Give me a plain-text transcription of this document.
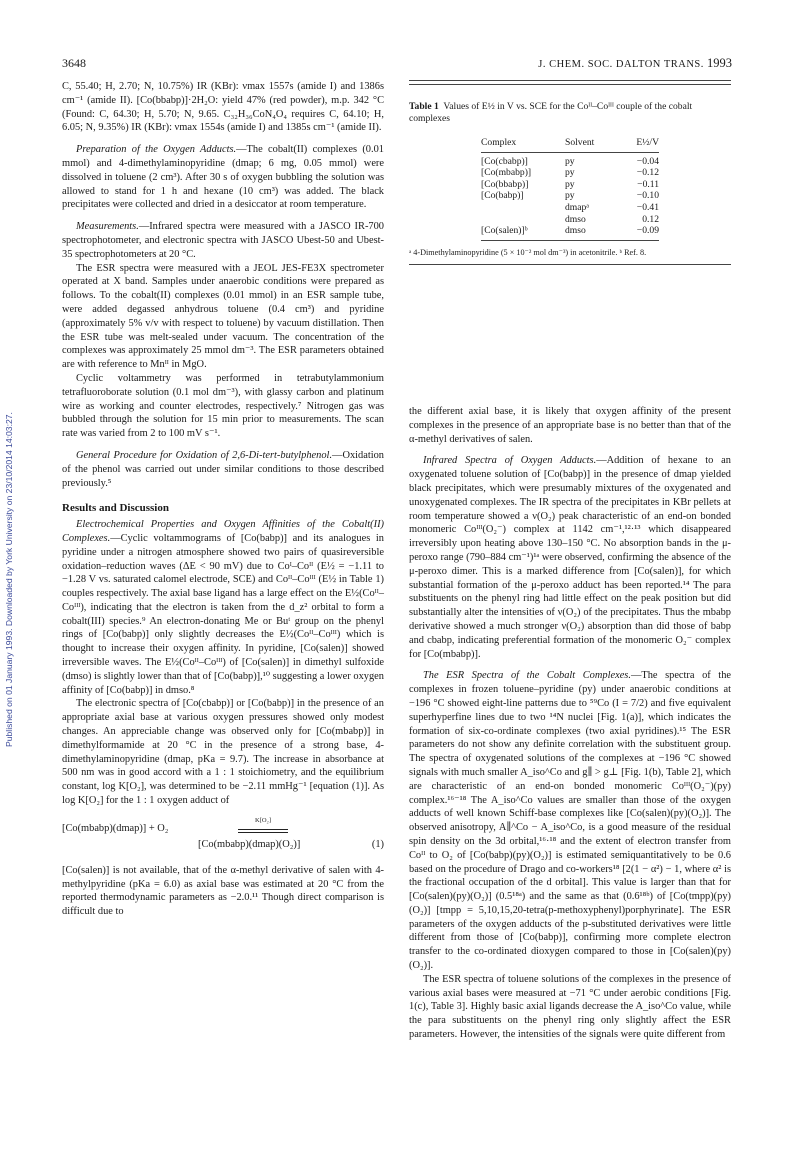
3648	J. CHEM. SOC. DALTON TRANS. 1993
Published on 01 January 1993. Downloaded by York University on 23/10/2014 14:03:27.

C, 55.40; H, 2.70; N, 10.75%) IR (KBr): νmax 1557s (amide I) and 1386s cm⁻¹ (amide II). [Co(bbabp)]·2H₂O: yield 47% (red powder), m.p. 342 °C (Found: C, 64.30; H, 5.70; N, 9.65. C₃₂H₃₆CoN₄O₄ requires C, 64.10; H, 6.05; N, 9.35%) IR (KBr): νmax 1554s (amide I) and 1385s cm⁻¹ (amide II).

Preparation of the Oxygen Adducts.—The cobalt(II) complexes (0.01 mmol) and 4-dimethylaminopyridine (dmap; 6 mg, 0.05 mmol) were dissolved in toluene (2 cm³). After 30 s of oxygen bubbling the solution was allowed to stand for 1 h and hexane (10 cm³) was added. The black precipitates were collected and dried in a desiccator at room temperature.

Measurements.—Infrared spectra were measured with a JASCO IR-700 spectrophotometer, and electronic spectra with JASCO Ubest-50 and Ubest-35 spectrophotometers at 20 °C.

The ESR spectra were measured with a JEOL JES-FE3X spectrometer operated at X band. Samples under anaerobic conditions were prepared as follows. To the cobalt(II) complexes (0.01 mmol) in an ESR sample tube, were added degassed anhydrous toluene (0.4 cm³) and pyridine (approximately 5% v/v with respect to toluene) by vacuum distillation. Then the ESR tube was melt-sealed under vacuum. The concentration of the complexes was approximately 25 mmol dm⁻³. The ESR parameters obtained are with reference to Mnᴵᴵ in MgO.

Cyclic voltammetry was performed in tetrabutylammonium tetrafluoroborate solution (0.1 mol dm⁻³), with glassy carbon and platinum wire as working and counter electrodes, respectively.⁷ Nitrogen gas was bubbled through the solution for 15 min prior to measurements. The scan rate was varied from 2 to 100 mV s⁻¹.

General Procedure for Oxidation of 2,6-Di-tert-butylphenol.—Oxidation of the phenol was carried out under similar conditions to those described previously.⁵

Results and Discussion

Electrochemical Properties and Oxygen Affinities of the Cobalt(II) Complexes.—Cyclic voltammograms of [Co(babp)] and its analogues in pyridine under a nitrogen atmosphere showed two pairs of quasireversible oxidation–reduction waves (ΔE < 90 mV) due to Coᴵ–Coᴵᴵ (E½ = −1.11 to −1.28 V vs. saturated calomel electrode, SCE) and Coᴵᴵ–Coᴵᴵᴵ (E½ in Table 1) couples respectively. The axial base ligand has a large effect on the E½(Coᴵᴵ–Coᴵᴵᴵ), indicating that the electron is taken from the d_z² orbital to form a cobalt(III) species.⁹ An electron-donating Me or Buᵗ group on the phenyl rings of [Co(babp)] only slightly decreases the E½(Coᴵᴵ–Coᴵᴵᴵ) which is thought to increase their oxygen affinity. In pyridine, [Co(salen)] showed irreversible waves. The E½(Coᴵᴵ–Coᴵᴵᴵ) of [Co(salen)] in dimethyl sulfoxide (dmso) is slightly lower than that of [Co(babp)],¹⁰ suggesting a lower oxygen affinity of [Co(babp)] in dmso.⁸

The electronic spectra of [Co(cbabp)] or [Co(babp)] in the presence of an appropriate axial base at various oxygen pressures showed only modest changes. An appreciable change was observed only for [Co(mbabp)] in dimethylformamide at 20 °C in the presence of a strong base, 4-dimethylaminopyridine (dmap, pKa = 9.7). The increase in absorbance at 500 nm was in good accord with a 1 : 1 stoichiometry, and the equilibrium constant, log K[O₂], was determined to be −2.11 mmHg⁻¹ [equation (1)]. As log K[O₂] for the 1 : 1 oxygen adduct of

[Co(mbabp)(dmap)] + O₂
K[O₂]
[Co(mbabp)(dmap)(O₂)]	(1)

[Co(salen)] is not available, that of the α-methyl derivative of salen with 4-methylpyridine (pKa = 6.0) as axial base was estimated at 20 °C from the reported thermodynamic parameters as −2.0.¹¹ Though direct comparison is difficult due to

Table 1 Values of E½ in V vs. SCE for the Coᴵᴵ–Coᴵᴵᴵ couple of the cobalt complexes
Complex	Solvent	E½/V
[Co(cbabp)]	py	−0.04
[Co(mbabp)]	py	−0.12
[Co(bbabp)]	py	−0.11
[Co(babp)]	py	−0.10
	dmapᵃ	−0.41
	dmso	0.12
[Co(salen)]ᵇ	dmso	−0.09
ᵃ 4-Dimethylaminopyridine (5 × 10⁻² mol dm⁻³) in acetonitrile. ᵇ Ref. 8.

the different axial base, it is likely that oxygen affinity of the present complexes in the presence of an appropriate base is no better than that of the α-methyl derivatives of salen.

Infrared Spectra of Oxygen Adducts.—Addition of hexane to an oxygenated toluene solution of [Co(babp)] in the presence of dmap yielded black precipitates, which were presumably mixtures of the oxygenated and unoxygenated complexes. The IR spectra of the precipitates in KBr pellets at room temperature showed a ν(O₂) peak characteristic of an end-on bonded monomeric Coᴵᴵᴵ(O₂⁻) complex at 1142 cm⁻¹,¹²·¹³ which disappeared irreversibly upon heating above 130–150 °C. No absorption bands in the μ-peroxo range (790–884 cm⁻¹)¹ᵃ were observed, confirming the absence of the μ-peroxo dimer. This is a marked difference from [Co(salen)], for which substantial formation of the μ-peroxo adduct has been reported.¹⁴ The para substituents on the phenyl ring had little effect on the peak position but did substantially alter the intensities of ν(O₂) of the precipitates. Thus the mbabp derivative showed a much stronger ν(O₂) absorption than did those of babp and cbabp, indicating preferential formation of the monomeric O₂⁻ complex for [Co(mbabp)].

The ESR Spectra of the Cobalt Complexes.—The spectra of the complexes in frozen toluene–pyridine (py) under anaerobic conditions at −196 °C showed eight-line patterns due to ⁵⁹Co (I = 7/2) and five equivalent superhyperfine lines due to two ¹⁴N nuclei [Fig. 1(a)], which indicates the formation of six-co-ordinate complexes (two axial pyridines).¹⁵ The ESR parameters do not show any definite correlation with the substituent group. The spectra of oxygenated solutions of the complexes at −196 °C showed signals with much smaller A_iso^Co and g∥ > g⊥ [Fig. 1(b), Table 2], which are characteristic of an end-on bonded monomeric Coᴵᴵᴵ(O₂⁻)(py) complex.¹⁶⁻¹⁸ The A_iso^Co values are smaller than those of the oxygen adducts of well known Schiff-base complexes like [Co(salen)(py)(O₂)]. The observed anisotropy, A∥^Co − A_iso^Co, is a good measure of the residual spin density on the 3d orbital,¹⁶·¹⁸ and the extent of electron transfer from Coᴵᴵ to O₂ of [Co(babp)(py)(O₂)] is estimated semiquantitatively to be 0.6 based on the procedure of Drago and co-workers¹⁸ [2(1 − α²) − 1, where α² is the fractional occupation of the d orbital]. This value is larger than that for [Co(salen)(py)(O₂)] (0.5¹⁸ᵃ) and the same as that (0.6¹⁸ᵇ) of [Co(tmpp)(py)(O₂)] [tmpp = 5,10,15,20-tetra(p-methoxyphenyl)porphyrinate]. The ESR parameters of the oxygen adducts of the p-substituted derivatives were little different from those of [Co(babp)], confirming more complete electron transfer to the co-ordinated dioxygen compared to those in [Co(salen)(py)(O₂)].

The ESR spectra of toluene solutions of the complexes in the presence of various axial bases were measured at −71 °C under aerobic conditions [Fig. 1(c), Table 3]. Highly basic axial ligands decrease the A_iso^Co value, while the para substituents on the phenyl ring only slightly affect the ESR parameters. However, the intensities of the signals were quite different from
